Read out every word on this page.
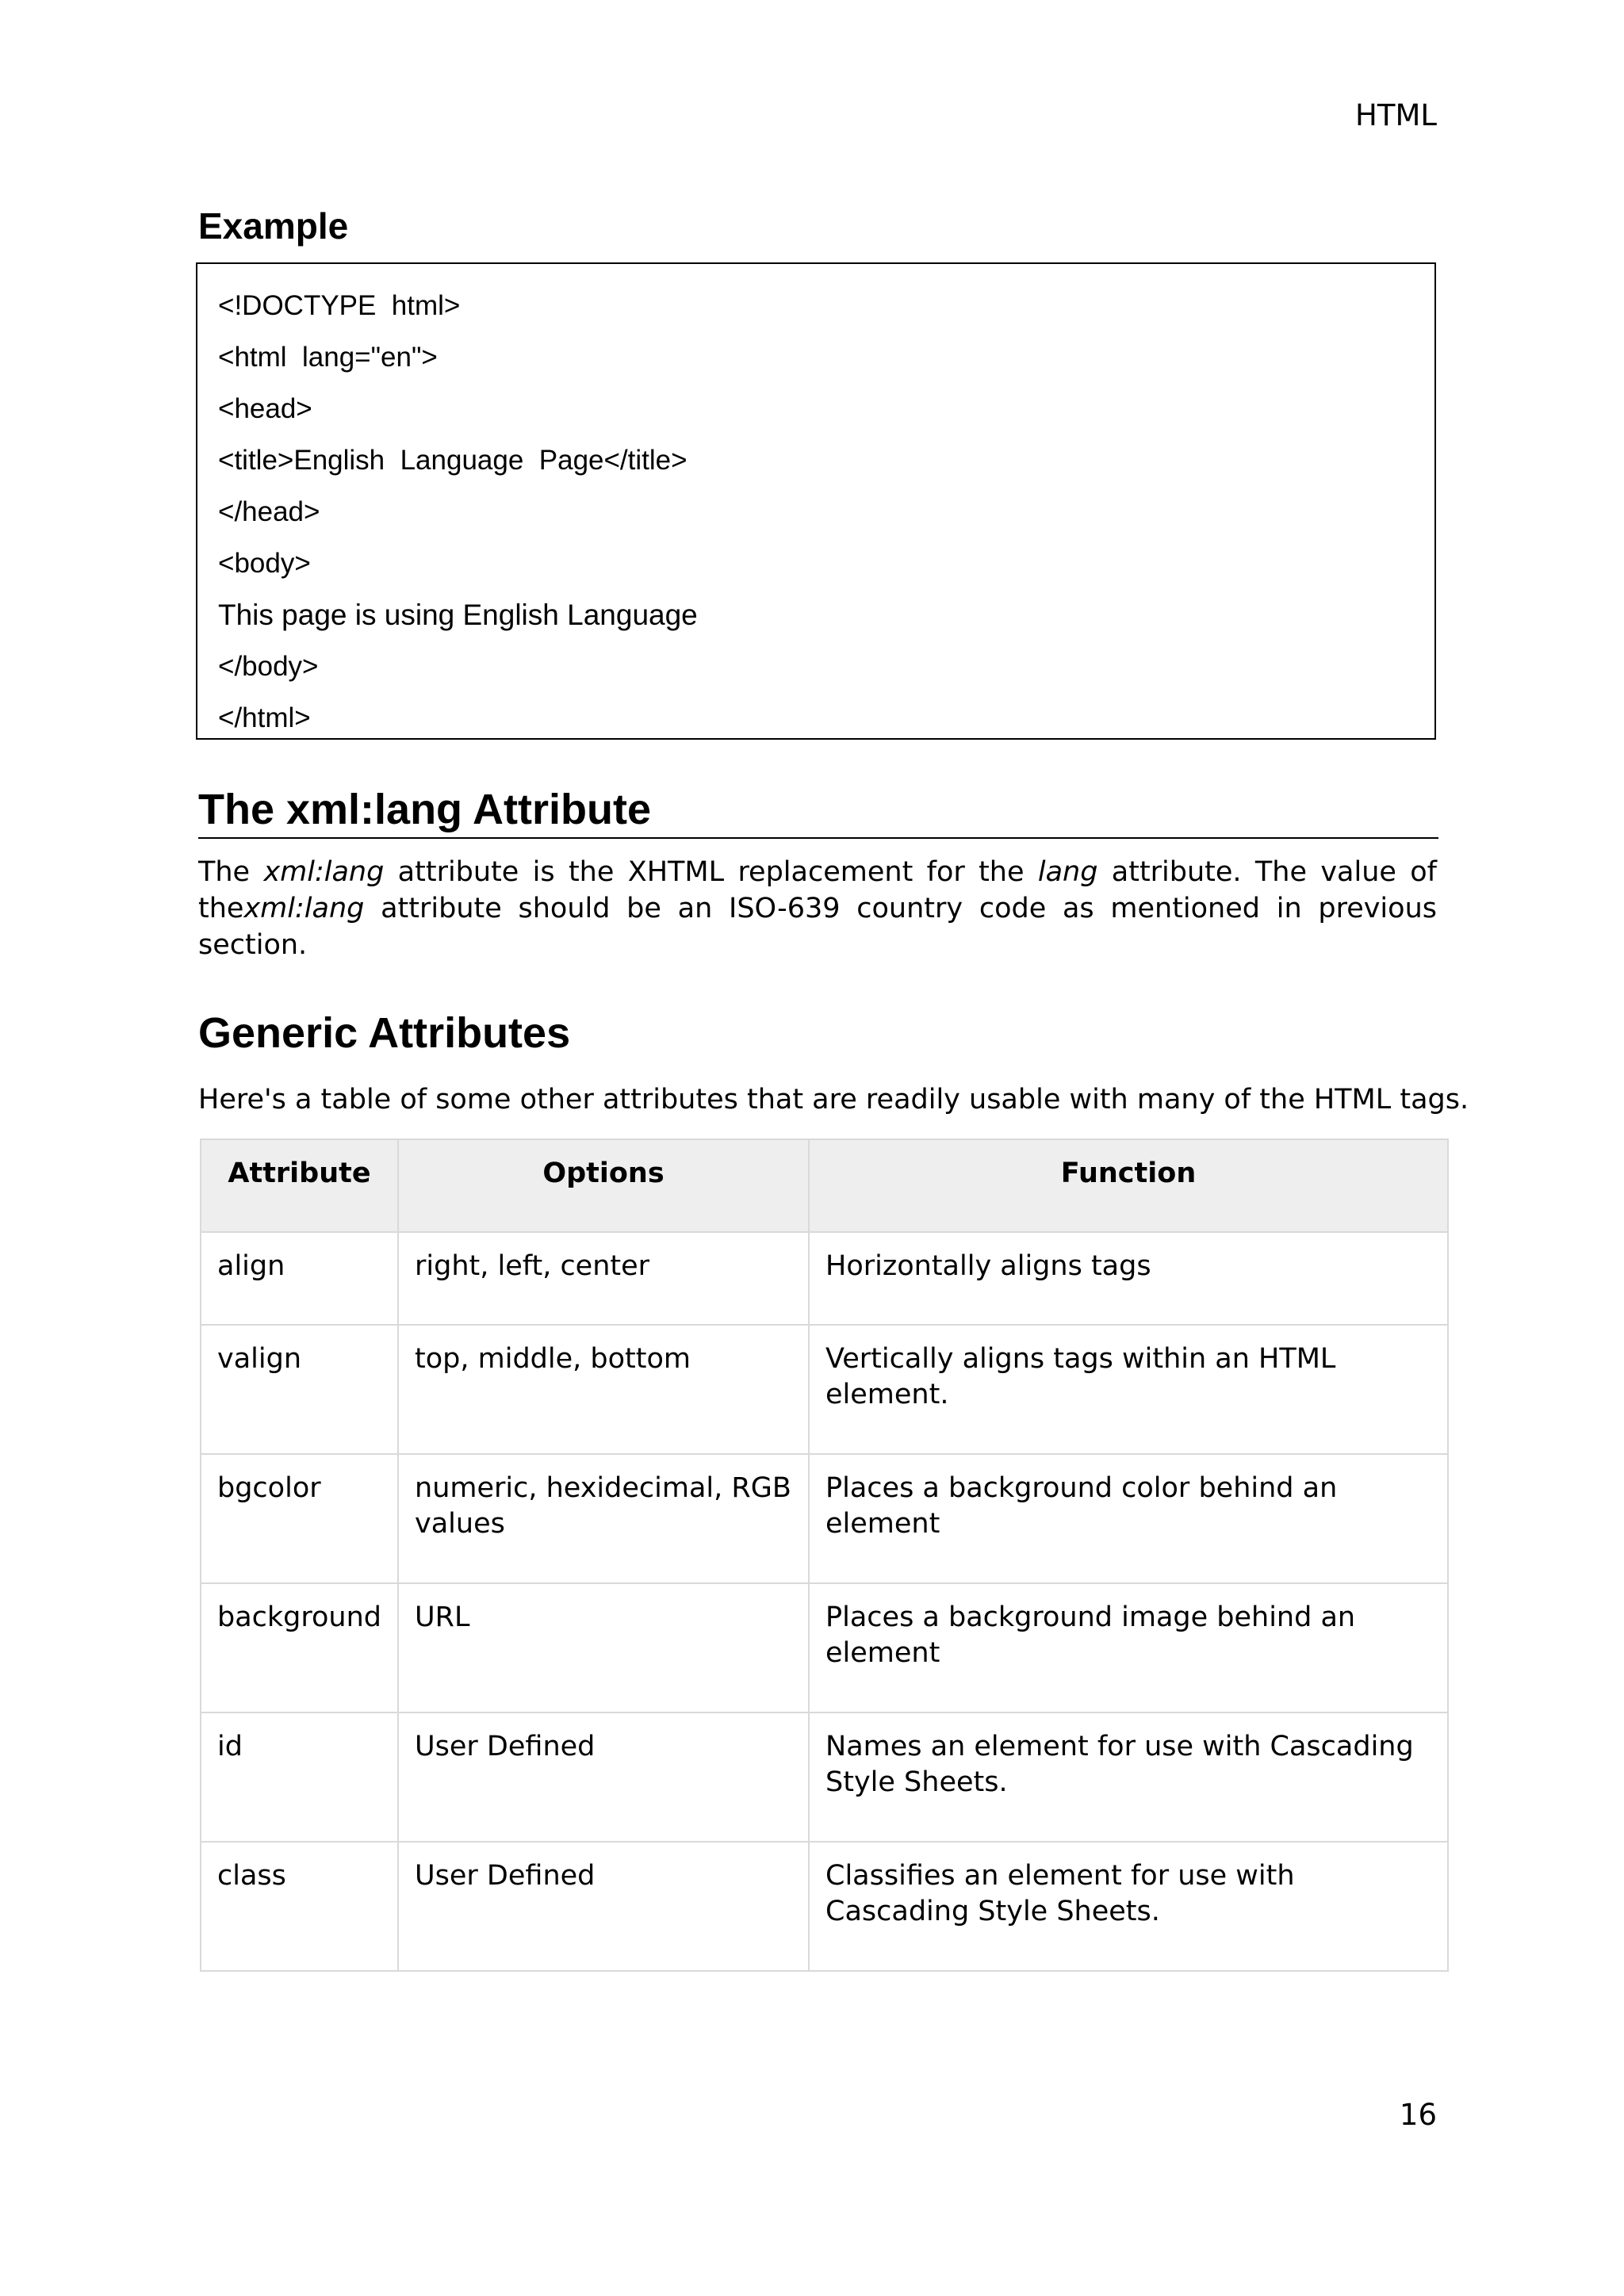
HTML
Example
<!DOCTYPE  html>
<html  lang="en">
<head>
<title>English  Language  Page</title>
</head>
<body>
This page is using English Language
</body>
</html>
The xml:lang Attribute
The xml:lang attribute is the XHTML replacement for the lang attribute. The value of thexml:lang attribute should be an ISO-639 country code as mentioned in previous section.
Generic Attributes
Here's a table of some other attributes that are readily usable with many of the HTML tags.
Attribute	Options	Function
align	right, left, center	Horizontally aligns tags
valign	top, middle, bottom	Vertically aligns tags within an HTML element.
bgcolor	numeric, hexidecimal, RGB values	Places a background color behind an element
background	URL	Places a background image behind an element
id	User Defined	Names an element for use with Cascading Style Sheets.
class	User Defined	Classifies an element for use with Cascading Style Sheets.
16
